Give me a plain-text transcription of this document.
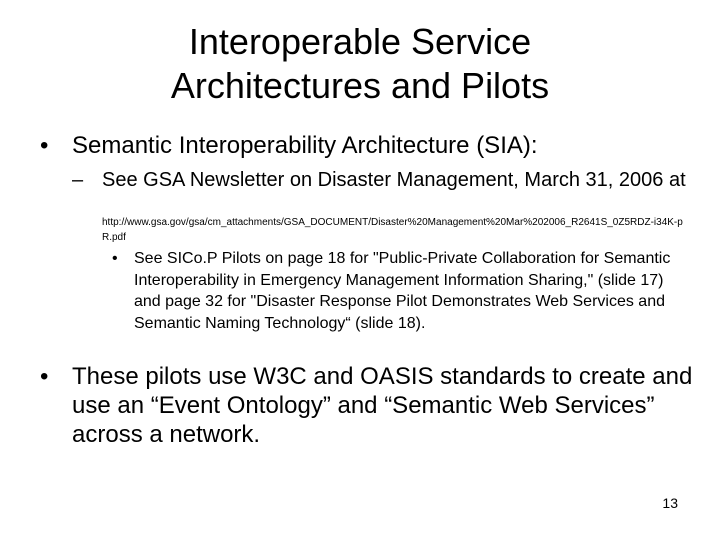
Interoperable Service
Architectures and Pilots
• Semantic Interoperability Architecture (SIA):
– See GSA Newsletter on Disaster Management, March 31, 2006 at
http://www.gsa.gov/gsa/cm_attachments/GSA_DOCUMENT/Disaster%20Management%20Mar%202006_R2641S_0Z5RDZ-i34K-pR.pdf
• See SICo.P Pilots on page 18 for "Public-Private Collaboration for Semantic Interoperability in Emergency Management Information Sharing," (slide 17) and page 32 for "Disaster Response Pilot Demonstrates Web Services and Semantic Naming Technology“ (slide 18).
• These pilots use W3C and OASIS standards to create and use an “Event Ontology” and “Semantic Web Services” across a network.
13
